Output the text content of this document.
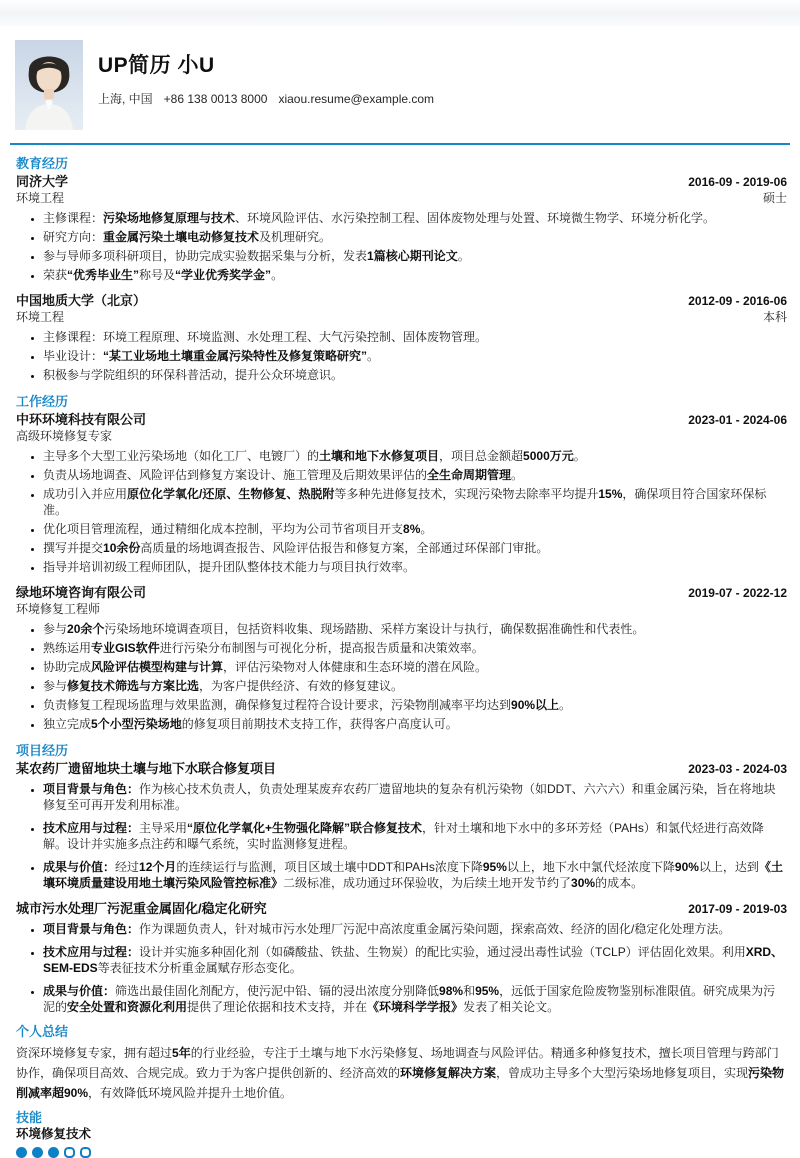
UP简历 小U
上海, 中国 +86 138 0013 8000 xiaou.resume@example.com
教育经历
同济大学	2016-09 - 2019-06
环境工程	硕士
• 主修课程：污染场地修复原理与技术、环境风险评估、水污染控制工程、固体废物处理与处置、环境微生物学、环境分析化学。
• 研究方向：重金属污染土壤电动修复技术及机理研究。
• 参与导师多项科研项目，协助完成实验数据采集与分析，发表1篇核心期刊论文。
• 荣获“优秀毕业生”称号及“学业优秀奖学金”。
中国地质大学（北京）	2012-09 - 2016-06
环境工程	本科
• 主修课程：环境工程原理、环境监测、水处理工程、大气污染控制、固体废物管理。
• 毕业设计：“某工业场地土壤重金属污染特性及修复策略研究”。
• 积极参与学院组织的环保科普活动，提升公众环境意识。
工作经历
中环环境科技有限公司	2023-01 - 2024-06
高级环境修复专家
• 主导多个大型工业污染场地（如化工厂、电镀厂）的土壤和地下水修复项目，项目总金额超5000万元。
• 负责从场地调查、风险评估到修复方案设计、施工管理及后期效果评估的全生命周期管理。
• 成功引入并应用原位化学氧化/还原、生物修复、热脱附等多种先进修复技术，实现污染物去除率平均提升15%，确保项目符合国家环保标准。
• 优化项目管理流程，通过精细化成本控制，平均为公司节省项目开支8%。
• 撰写并提交10余份高质量的场地调查报告、风险评估报告和修复方案，全部通过环保部门审批。
• 指导并培训初级工程师团队，提升团队整体技术能力与项目执行效率。
绿地环境咨询有限公司	2019-07 - 2022-12
环境修复工程师
• 参与20余个污染场地环境调查项目，包括资料收集、现场踏勘、采样方案设计与执行，确保数据准确性和代表性。
• 熟练运用专业GIS软件进行污染分布制图与可视化分析，提高报告质量和决策效率。
• 协助完成风险评估模型构建与计算，评估污染物对人体健康和生态环境的潜在风险。
• 参与修复技术筛选与方案比选，为客户提供经济、有效的修复建议。
• 负责修复工程现场监理与效果监测，确保修复过程符合设计要求，污染物削减率平均达到90%以上。
• 独立完成5个小型污染场地的修复项目前期技术支持工作，获得客户高度认可。
项目经历
某农药厂遗留地块土壤与地下水联合修复项目	2023-03 - 2024-03
• 项目背景与角色：作为核心技术负责人，负责处理某废弃农药厂遗留地块的复杂有机污染物（如DDT、六六六）和重金属污染，旨在将地块修复至可再开发利用标准。
• 技术应用与过程：主导采用“原位化学氧化+生物强化降解”联合修复技术，针对土壤和地下水中的多环芳烃（PAHs）和氯代烃进行高效降解。设计并实施多点注药和曝气系统，实时监测修复进程。
• 成果与价值：经过12个月的连续运行与监测，项目区域土壤中DDT和PAHs浓度下降95%以上，地下水中氯代烃浓度下降90%以上，达到《土壤环境质量建设用地土壤污染风险管控标准》二级标准，成功通过环保验收，为后续土地开发节约了30%的成本。
城市污水处理厂污泥重金属固化/稳定化研究	2017-09 - 2019-03
• 项目背景与角色：作为课题负责人，针对城市污水处理厂污泥中高浓度重金属污染问题，探索高效、经济的固化/稳定化处理方法。
• 技术应用与过程：设计并实施多种固化剂（如磷酸盐、铁盐、生物炭）的配比实验，通过浸出毒性试验（TCLP）评估固化效果。利用XRD、SEM-EDS等表征技术分析重金属赋存形态变化。
• 成果与价值：筛选出最佳固化剂配方，使污泥中铅、镉的浸出浓度分别降低98%和95%，远低于国家危险废物鉴别标准限值。研究成果为污泥的安全处置和资源化利用提供了理论依据和技术支持，并在《环境科学学报》发表了相关论文。
个人总结

资深环境修复专家，拥有超过5年的行业经验，专注于土壤与地下水污染修复、场地调查与风险评估。精通多种修复技术，擅长项目管理与跨部门协作，确保项目高效、合规完成。致力于为客户提供创新的、经济高效的环境修复解决方案，曾成功主导多个大型污染场地修复项目，实现污染物削减率超90%，有效降低环境风险并提升土地价值。

技能
环境修复技术
